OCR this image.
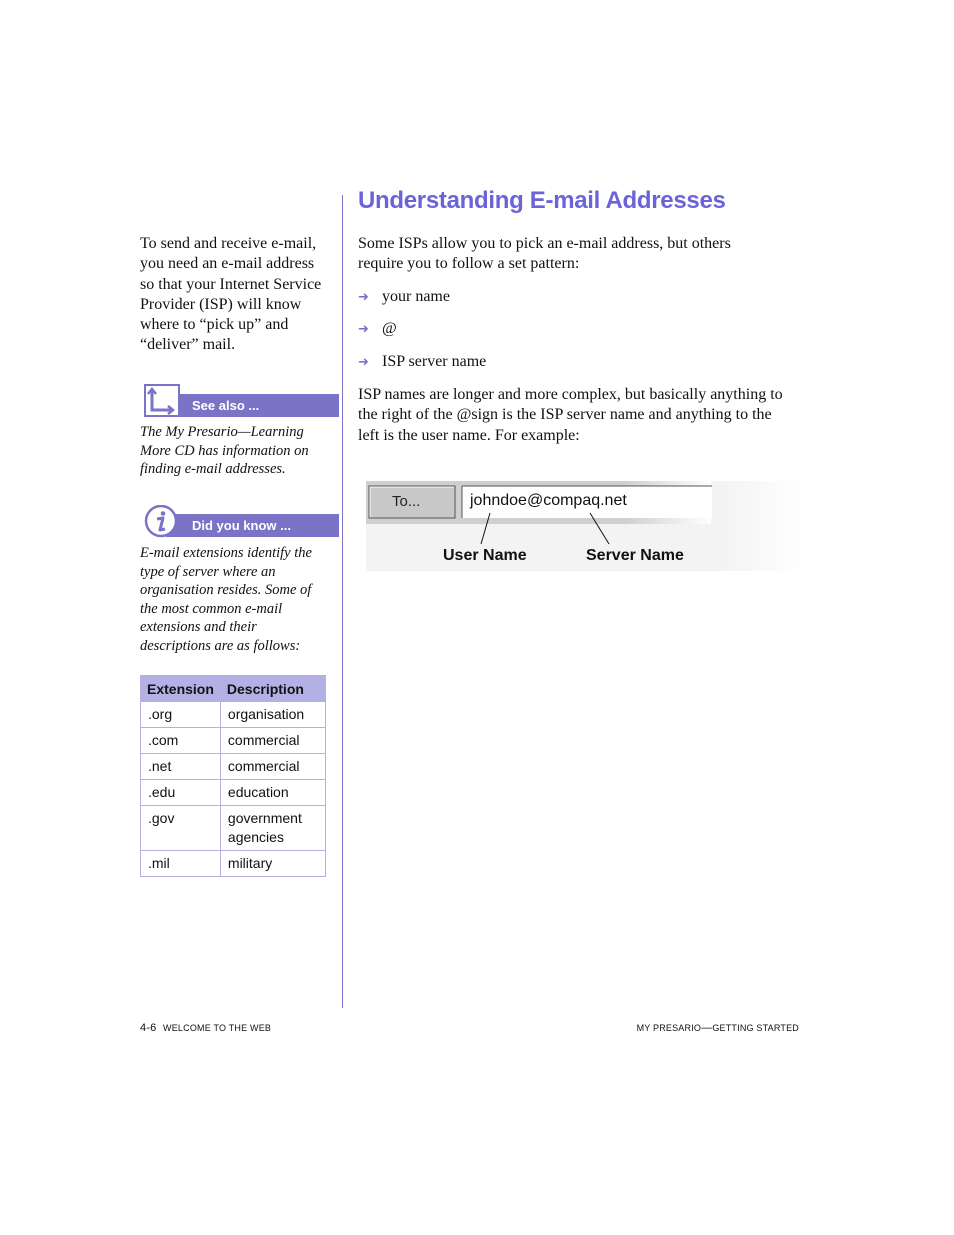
To send and receive e-mail, you need an e-mail address so that your Internet Service Provider (ISP) will know where to “pick up” and “deliver” mail.
See also ...
The My Presario—Learning More CD has information on finding e-mail addresses.
Did you know ...
E-mail extensions identify the type of server where an organisation resides. Some of the most common e-mail extensions and their descriptions are as follows:
Extension	Description
.org	organisation
.com	commercial
.net	commercial
.edu	education
.gov	government agencies
.mil	military
Understanding E-mail Addresses
Some ISPs allow you to pick an e-mail address, but others require you to follow a set pattern:
➜ your name
➜ @
➜ ISP server name
ISP names are longer and more complex, but basically anything to the right of the @sign is the ISP server name and anything to the left is the user name. For example:
To...	johndoe@compaq.net
User Name	Server Name
4-6 WELCOME TO THE WEB	MY PRESARIO—GETTING STARTED
